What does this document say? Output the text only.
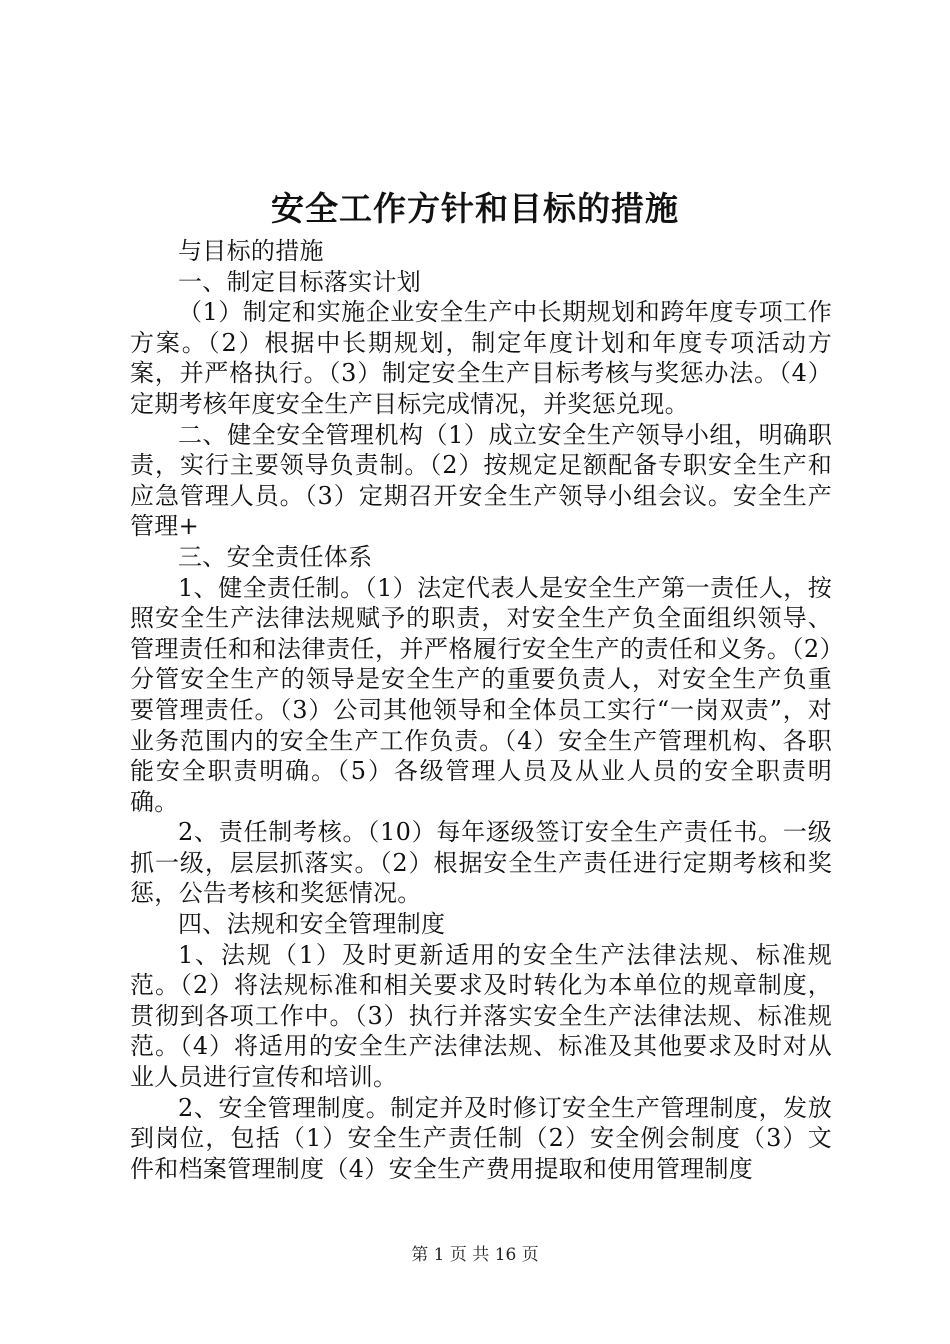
安全工作方针和目标的措施

与目标的措施

一、制定目标落实计划

（1）制定和实施企业安全生产中长期规划和跨年度专项工作方案。（2）根据中长期规划，制定年度计划和年度专项活动方案，并严格执行。（3）制定安全生产目标考核与奖惩办法。（4）定期考核年度安全生产目标完成情况，并奖惩兑现。

二、健全安全管理机构（1）成立安全生产领导小组，明确职责，实行主要领导负责制。（2）按规定足额配备专职安全生产和应急管理人员。（3）定期召开安全生产领导小组会议。安全生产管理+

三、安全责任体系

1、健全责任制。（1）法定代表人是安全生产第一责任人，按照安全生产法律法规赋予的职责，对安全生产负全面组织领导、管理责任和和法律责任，并严格履行安全生产的责任和义务。（2）分管安全生产的领导是安全生产的重要负责人，对安全生产负重要管理责任。（3）公司其他领导和全体员工实行“一岗双责”，对业务范围内的安全生产工作负责。（4）安全生产管理机构、各职能安全职责明确。（5）各级管理人员及从业人员的安全职责明确。

2、责任制考核。（10）每年逐级签订安全生产责任书。一级抓一级，层层抓落实。（2）根据安全生产责任进行定期考核和奖惩，公告考核和奖惩情况。

四、法规和安全管理制度

1、法规（1）及时更新适用的安全生产法律法规、标准规范。（2）将法规标准和相关要求及时转化为本单位的规章制度，贯彻到各项工作中。（3）执行并落实安全生产法律法规、标准规范。（4）将适用的安全生产法律法规、标准及其他要求及时对从业人员进行宣传和培训。

2、安全管理制度。制定并及时修订安全生产管理制度，发放到岗位，包括（1）安全生产责任制（2）安全例会制度（3）文件和档案管理制度（4）安全生产费用提取和使用管理制度

第 1 页 共 16 页
